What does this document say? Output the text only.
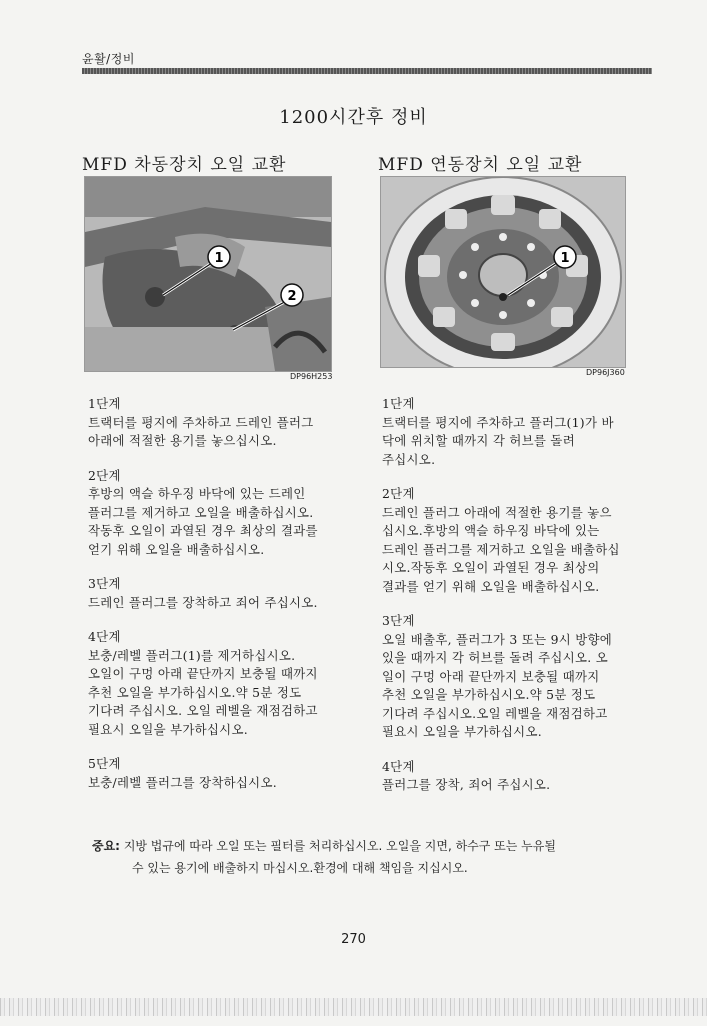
윤활/정비
1200시간후 정비
MFD 차동장치 오일 교환
1
2
DP96H253
1단계
트랙터를 평지에 주차하고 드레인 플러그
아래에 적절한 용기를 놓으십시오.
2단계
후방의 액슬 하우징 바닥에 있는 드레인
플러그를 제거하고 오일을 배출하십시오.
작동후 오일이 과열된 경우 최상의 결과를
얻기 위해 오일을 배출하십시오.
3단계
드레인 플러그를 장착하고 죄어 주십시오.
4단계
보충/레벨 플러그(1)를 제거하십시오.
오일이 구멍 아래 끝단까지 보충될 때까지
추천 오일을 부가하십시오.약 5분 정도
기다려 주십시오. 오일 레벨을 재점검하고
필요시 오일을 부가하십시오.
5단계
보충/레벨 플러그를 장착하십시오.
MFD 연동장치 오일 교환
1
DP96J360
1단계
트랙터를 평지에 주차하고 플러그(1)가 바
닥에 위치할 때까지 각 허브를 돌려
주십시오.
2단계
드레인 플러그 아래에 적절한 용기를 놓으
십시오.후방의 액슬 하우징 바닥에 있는
드레인 플러그를 제거하고 오일을 배출하십
시오.작동후 오일이 과열된 경우 최상의
결과를 얻기 위해 오일을 배출하십시오.
3단계
오일 배출후, 플러그가 3 또는 9시 방향에
있을 때까지 각 허브를 돌려 주십시오. 오
일이 구멍 아래 끝단까지 보충될 때까지
추천 오일을 부가하십시오.약 5분 정도
기다려 주십시오.오일 레벨을 재점검하고
필요시 오일을 부가하십시오.
4단계
플러그를 장착, 죄어 주십시오.
중요: 지방 법규에 따라 오일 또는 필터를 처리하십시오. 오일을 지면, 하수구 또는 누유될
수 있는 용기에 배출하지 마십시오.환경에 대해 책임을 지십시오.
270
